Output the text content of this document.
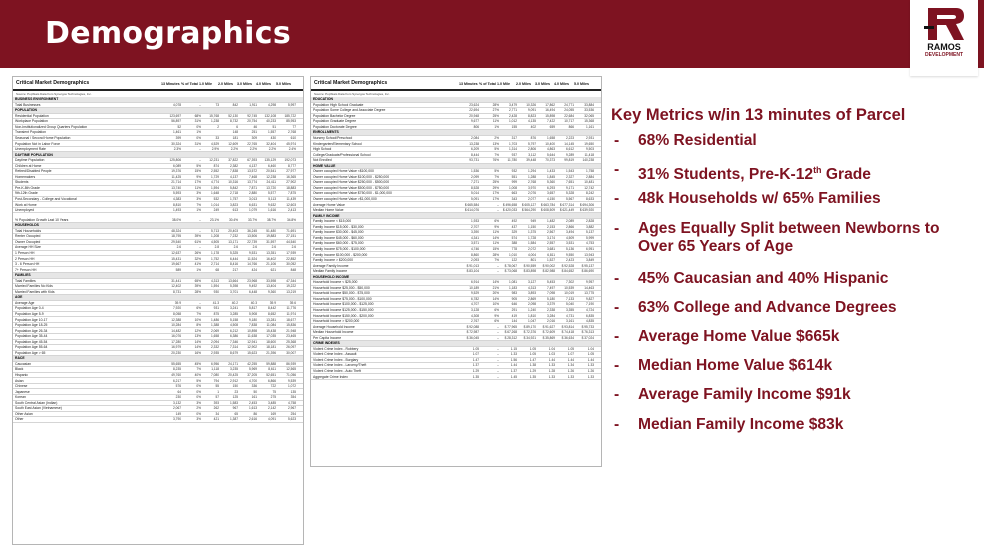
Demographics	RAMOS
DEVELOPMENT
Critical Market Demographics	13 Minutes % of Total 1.0 Mile 2.0 Miles 3.0 Miles 4.0 Miles 5.0 Miles
Source: PopStats Data from Synergos Technologies, Inc.
BUSINESS ENVIRONMENT
Total Businesses	4,078	--	73	842	1,911	4,298	5,997
POPULATION
Residential Population	123,697	68%	15,768	52,130	92,745	132,108	185,722
Workplace Population	56,897	31%	1,238	8,732	20,754	40,233	85,953
Non-Institutionalized Group Quarters Population	52	0%	2	6	46	51	77
Transient Population	1,461	1%	148	251	1,557	2,768
Seasonal / Second Home Population	399	0%	33	181	309	430	610
Population Not in Labor Force	30,324	31%	4,529	12,609	22,765	32,404	45,974
Unemployment Rate	2.3%	--	2.9%	2.2%	2.2%	2.2%	2.4%
DAYTIME POPULATION
Daytime Population	125,806	--	12,231	37,822	67,393	135,129	192,073
Children at Home	6,089	5%	874	2,382	4,137	6,460	8,777
Retired/Disabled People	19,376	15%	2,552	7,838	13,572	20,541	27,977
Homemakers	11,425	9%	1,729	4,137	7,468	12,238	16,365
Students	21,714	17%	4,774	10,316	13,774	24,411	27,902
Pre-K-8th Grade	13,740	11%	1,594	5,842	7,871	13,720	18,883
9th-12th Grade	5,593	3%	1,648	2,718	2,880	5,577	7,875
Post-Secondary - College and Vocational	4,383	3%	532	1,757	3,013	5,113	11,439
Work at Home	8,810	7%	1,014	3,823	6,631	9,632	12,603
Unemployed	1,493	1%	249	613	1,079	1,616	2,413
% Population Growth Last 10 Years	38.0%	--	23.1%	30.4%	33.7%	38.7%	34.8%
HOUSEHOLDS
Total Households	48,324	--	5,713	20,403	36,245	51,480	71,691
Renter Occupied	18,795	39%	1,208	7,232	13,506	19,883	27,151
Owner Occupied	29,540	61%	4,505	13,171	22,739	31,597	44,540
Average HH Size	2.6	--	2.8	2.6	2.6	2.6	2.6
1 Person HH	12,637	26%	1,178	5,325	9,531	13,351	17,939
2 Person HH	15,431	32%	1,752	6,444	11,524	16,402	22,852
3 - 6 Person HH	19,667	41%	2,714	8,416	14,766	21,106	30,052
7+ Person HH	589	1%	68	217	424	621	848
FAMILIES
Total Families	31,441	65%	4,313	13,664	23,968	33,598	47,344
Married Families No Kids	12,402	39%	1,594	5,398	9,492	13,404	19,222
Married Families with Kids	8,731	28%	930	3,701	6,448	9,360	13,219
AGE
Average Age	39.9	--	41.3	40.2	40.3	39.9	39.6
Population Age 0-4	7,920	6%	931	3,241	5,817	8,442	11,776
Population Age 5-9	8,058	7%	875	3,285	5,908	8,652	11,974
Population Age 10-17	12,388	10%	1,486	5,158	9,180	13,281	18,677
Population Age 18-25	10,284	8%	1,388	4,508	7,838	11,084	15,836
Population Age 26-34	14,482	12%	2,069	6,212	10,898	15,438	21,948
Population Age 35-44	16,076	13%	1,658	6,386	11,638	17,035	23,465
Population Age 45-54	17,280	14%	2,094	7,346	12,941	18,600	25,368
Population Age 55-64	16,979	14%	2,332	7,314	12,902	18,181	26,097
Population Age > 65	20,230	16%	2,935	8,679	15,623	21,396	30,007
RACE
Caucasian	55,655	45%	6,956	24,171	42,255	59,888	86,939
Black	8,235	7%	1,118	3,235	5,969	8,611	12,565
Hispanic	49,760	40%	7,080	20,425	37,205	52,651	71,056
Asian	6,217	5%	794	2,912	4,700	6,866	9,539
Chinese	576	0%	55	150	336	722	1,072
Japanese	64	0%	1	23	50	75	135
Korean	230	0%	57	125	161	275	354
South Central Asian (Indian)	3,132	3%	393	1,583	2,453	3,485	4,758
South East Asian (Vietnamese)	2,067	2%	262	967	1,613	2,142	2,967
Other Asian	149	0%	34	65	86	169	254
Other	3,790	3%	421	1,387	2,616	4,091	5,623
Critical Market Demographics	13 Minutes % of Total 1.0 Mile 2.0 Miles 3.0 Miles 4.0 Miles 5.0 Miles
Source: PopStats Data from Synergos Technologies, Inc.
EDUCATION
Population High School Graduate	23,624	28%	3,479	10,326	17,862	24,771	33,884
Population Some College and Associate Degree	22,694	27%	2,771	9,091	16,494	24,055	33,536
Population Bachelor Degree	20,948	25%	2,428	8,823	15,898	22,684	32,065
Population Graduate Degree	9,677	11%	1,012	4,135	7,422	10,717	15,368
Population Doctorate Degree	806	1%	155	402	659	866	1,161
ENROLLMENTS
Nursery School/Preschool	2,084	2%	317	876	1,658	2,223	2,931
Kindergarten/Elementary School	13,238	13%	1,703	5,797	10,400	14,145	19,650
High School	6,209	5%	1,314	2,806	4,863	6,612	9,503
College/Graduate/Professional School	8,444	7%	937	3,112	5,644	9,289	11,418
Not Enrolled	93,731	76%	11,780	39,448	70,373	99,819	140,238
HOME VALUE
Owner occupied Home Value <$100,000	1,536	5%	932	1,294	1,433	1,543	1,758
Owner occupied Home Value $100,000 - $250,000	2,099	7%	551	1,288	1,845	2,327	2,884
Owner occupied Home Value $250,000 - $500,000	7,271	25%	999	2,768	5,360	7,651	10,481
Owner occupied Home Value $500,000 - $750,000	8,528	29%	1,008	3,970	6,293	9,171	12,742
Owner occupied Home Value $750,000 - $1,000,000	5,014	17%	663	2,076	3,657	5,328	8,242
Owner occupied Home Value >$1,000,000	5,091	17%	343	2,077	4,150	5,567	8,633
Average Home Value	$ 665,584	--	$ 496,658	$ 605,127	$ 663,784	$ 677,314	$ 694,306
Median Home Value	$ 614,076	--	$ 420,033	$ 564,290	$ 608,509	$ 621,449	$ 639,920
FAMILY INCOME
Family Income < $15,000	1,933	6%	492	949	1,482	2,089	2,828
Family Income $15,000 - $30,000	2,707	9%	437	1,150	2,153	2,866	3,882
Family Income $30,000 - $45,000	3,390	11%	329	1,375	2,567	3,494	5,137
Family Income $45,000 - $60,000	4,341	14%	574	1,728	3,174	4,509	5,999
Family Income $60,000 - $75,000	3,571	11%	388	1,584	2,557	3,531	4,753
Family Income $75,000 - $100,000	4,746	15%	778	2,072	3,681	5,136	6,951
Family Income $100,000 - $200,000	8,860	28%	1,010	4,004	6,811	9,550	13,943
Family Income > $200,000	2,093	7%	122	801	1,527	2,423	3,849
Average Family Income	$ 91,013	--	$ 78,067	$ 90,559	$ 90,002	$ 92,528	$ 95,137
Median Family Income	$ 83,104	--	$ 73,068	$ 83,898	$ 82,988	$ 84,652	$ 86,690
HOUSEHOLD INCOME
Household Income < $25,000	6,914	14%	1,081	3,127	5,453	7,302	9,957
Household Income $25,000 - $50,000	10,189	21%	1,183	4,313	7,497	10,539	14,463
Household Income $50,000 - $75,000	9,529	20%	983	3,893	7,098	10,019	13,775
Household Income $75,000 - $100,000	6,782	14%	905	2,869	5,180	7,133	9,827
Household Income $100,000 - $125,000	4,707	10%	646	2,098	3,379	5,040	7,190
Household Income $125,000 - $150,000	3,128	6%	291	1,240	2,338	3,355	4,724
Household Income $150,000 - $200,000	4,308	9%	419	1,810	3,284	4,731	6,835
Household Income > $200,000	2,767	6%	144	1,047	2,016	3,161	4,835
Average Household Income	$ 92,088	--	$ 77,965	$ 89,170	$ 91,627	$ 93,814	$ 95,733
Median Household Income	$ 72,987	--	$ 67,268	$ 72,376	$ 72,609	$ 74,418	$ 76,313
Per Capita Income	$ 36,045	--	$ 28,312	$ 34,921	$ 35,869	$ 36,634	$ 37,024
CRIME INDEXES
Violent Crime Index - Robbery	1.05	--	1.15	1.05	1.04	1.05	1.04
Violent Crime Index - Assault	1.07	--	1.33	1.05	1.03	1.07	1.05
Violent Crime Index - Burglary	1.47	--	1.56	1.47	1.44	1.44	1.44
Violent Crime Index - Larceny/Theft	1.37	--	1.44	1.38	1.33	1.34	1.33
Violent Crime Index - Auto Theft	1.29	--	1.37	1.29	1.28	1.26	1.26
Aggregate Crime Index	1.35	--	1.45	1.35	1.33	1.33	1.33
Key Metrics w/in 13 minutes of Parcel
- 68% Residential
- 31% Students, Pre-K-12th Grade
- 48k Households w/ 65% Families
- Ages Equally Split between Newborns to Over 65 Years of Age
- 45% Caucasian and 40% Hispanic
- 63% College and Advance Degrees
- Average Home Value $665k
- Median Home Value $614k
- Average Family Income $91k
- Median Family Income $83k
